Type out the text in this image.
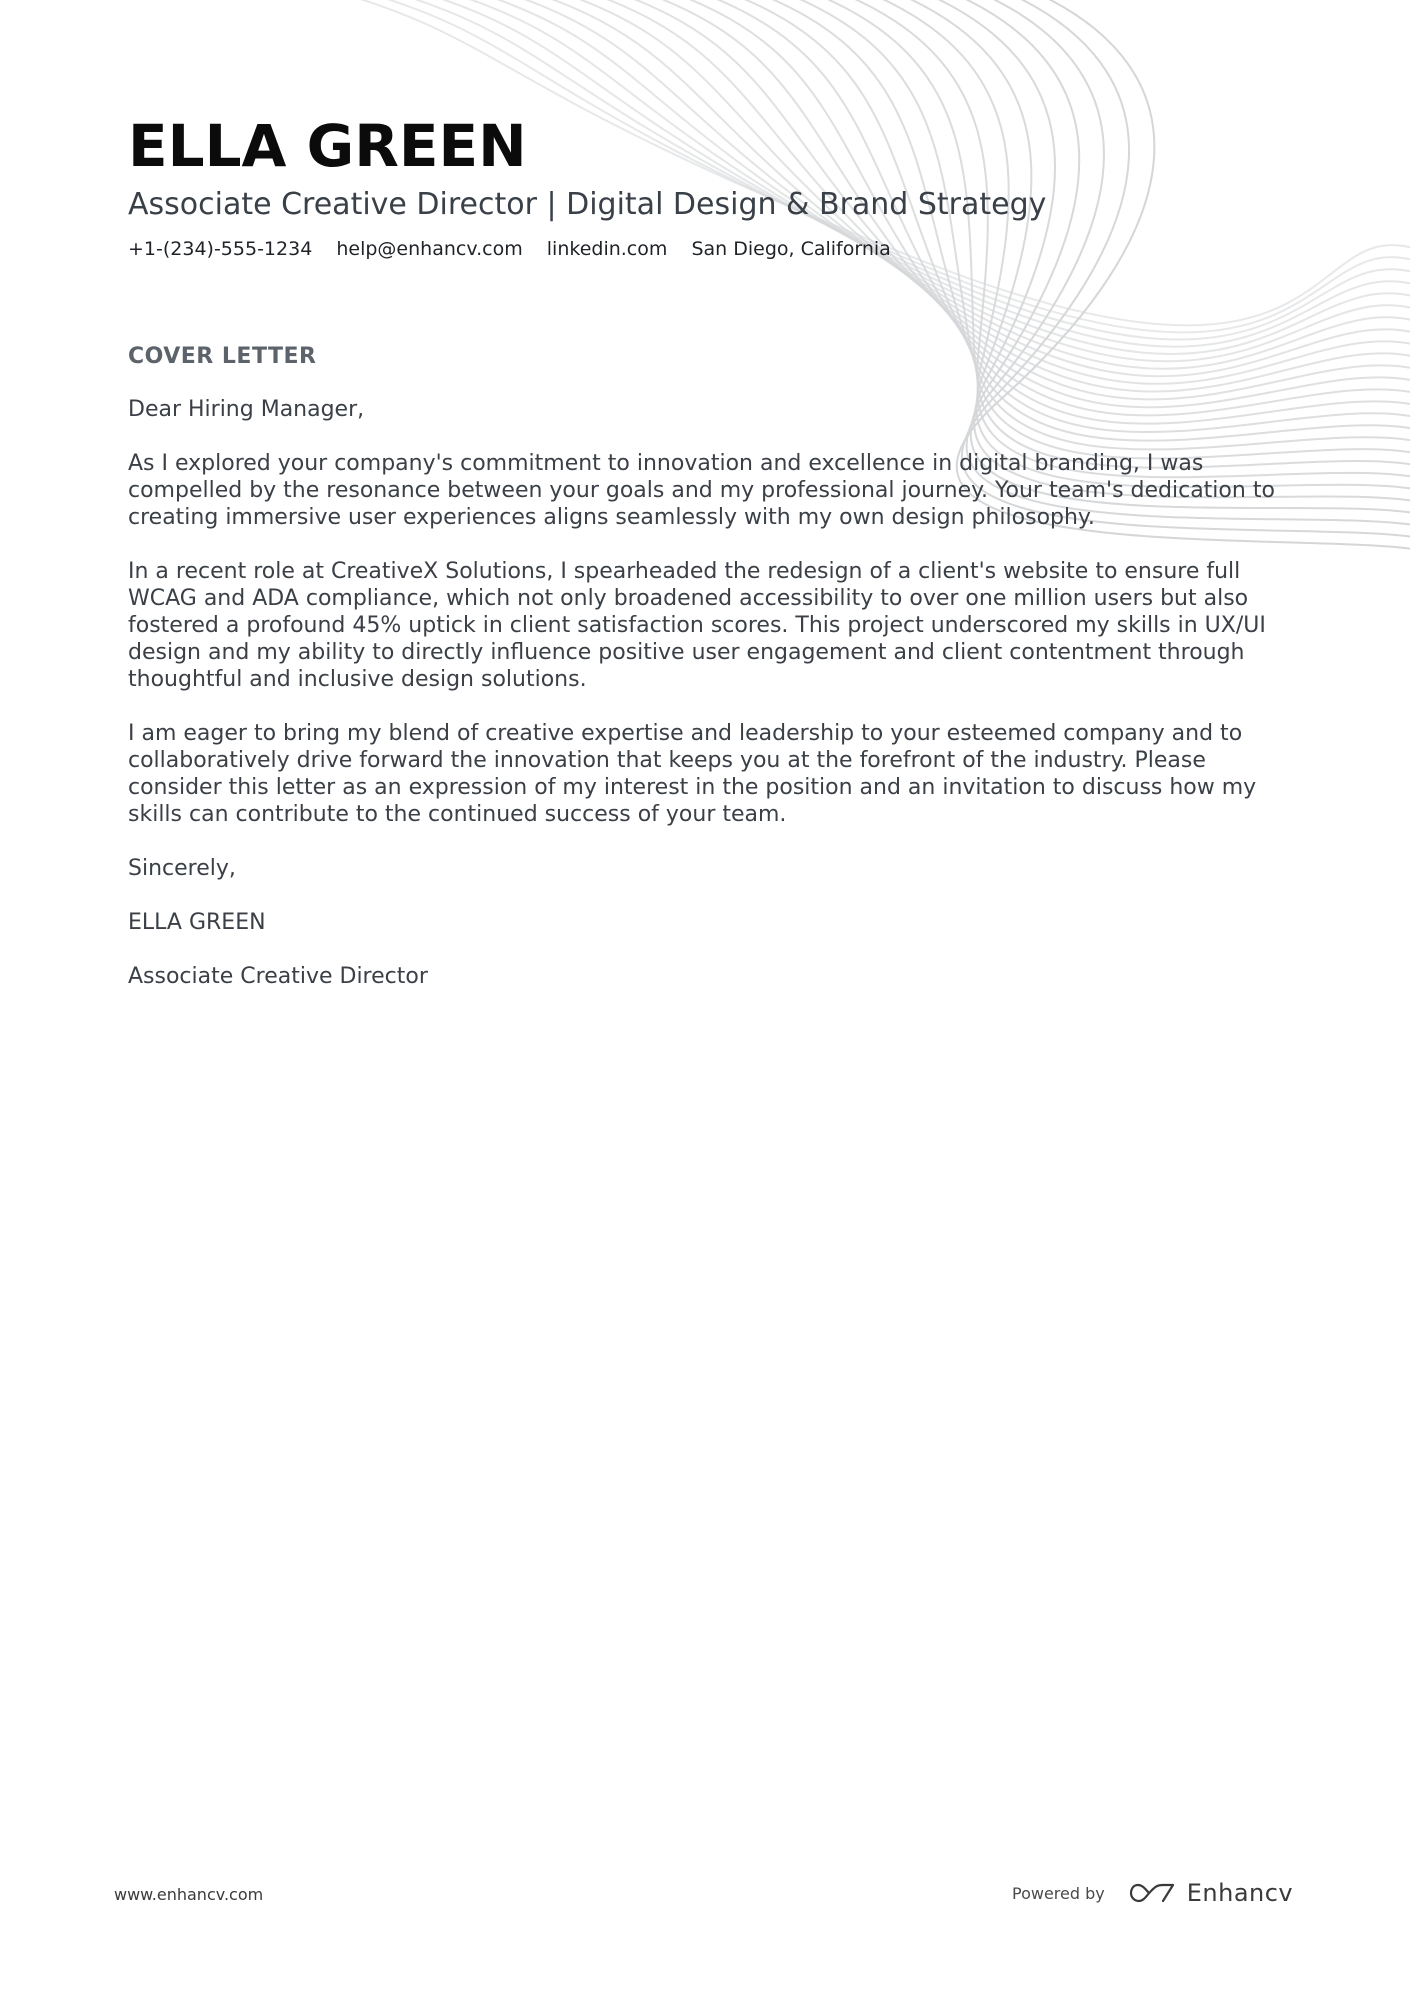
ELLA GREEN
Associate Creative Director | Digital Design & Brand Strategy
+1-(234)-555-1234 help@enhancv.com linkedin.com San Diego, California
COVER LETTER

Dear Hiring Manager,

As I explored your company's commitment to innovation and excellence in digital branding, I was compelled by the resonance between your goals and my professional journey. Your team's dedication to creating immersive user experiences aligns seamlessly with my own design philosophy.

In a recent role at CreativeX Solutions, I spearheaded the redesign of a client's website to ensure full WCAG and ADA compliance, which not only broadened accessibility to over one million users but also fostered a profound 45% uptick in client satisfaction scores. This project underscored my skills in UX/UI design and my ability to directly influence positive user engagement and client contentment through thoughtful and inclusive design solutions.

I am eager to bring my blend of creative expertise and leadership to your esteemed company and to collaboratively drive forward the innovation that keeps you at the forefront of the industry. Please consider this letter as an expression of my interest in the position and an invitation to discuss how my skills can contribute to the continued success of your team.

Sincerely,

ELLA GREEN

Associate Creative Director

www.enhancv.com	Powered by	Enhancv
